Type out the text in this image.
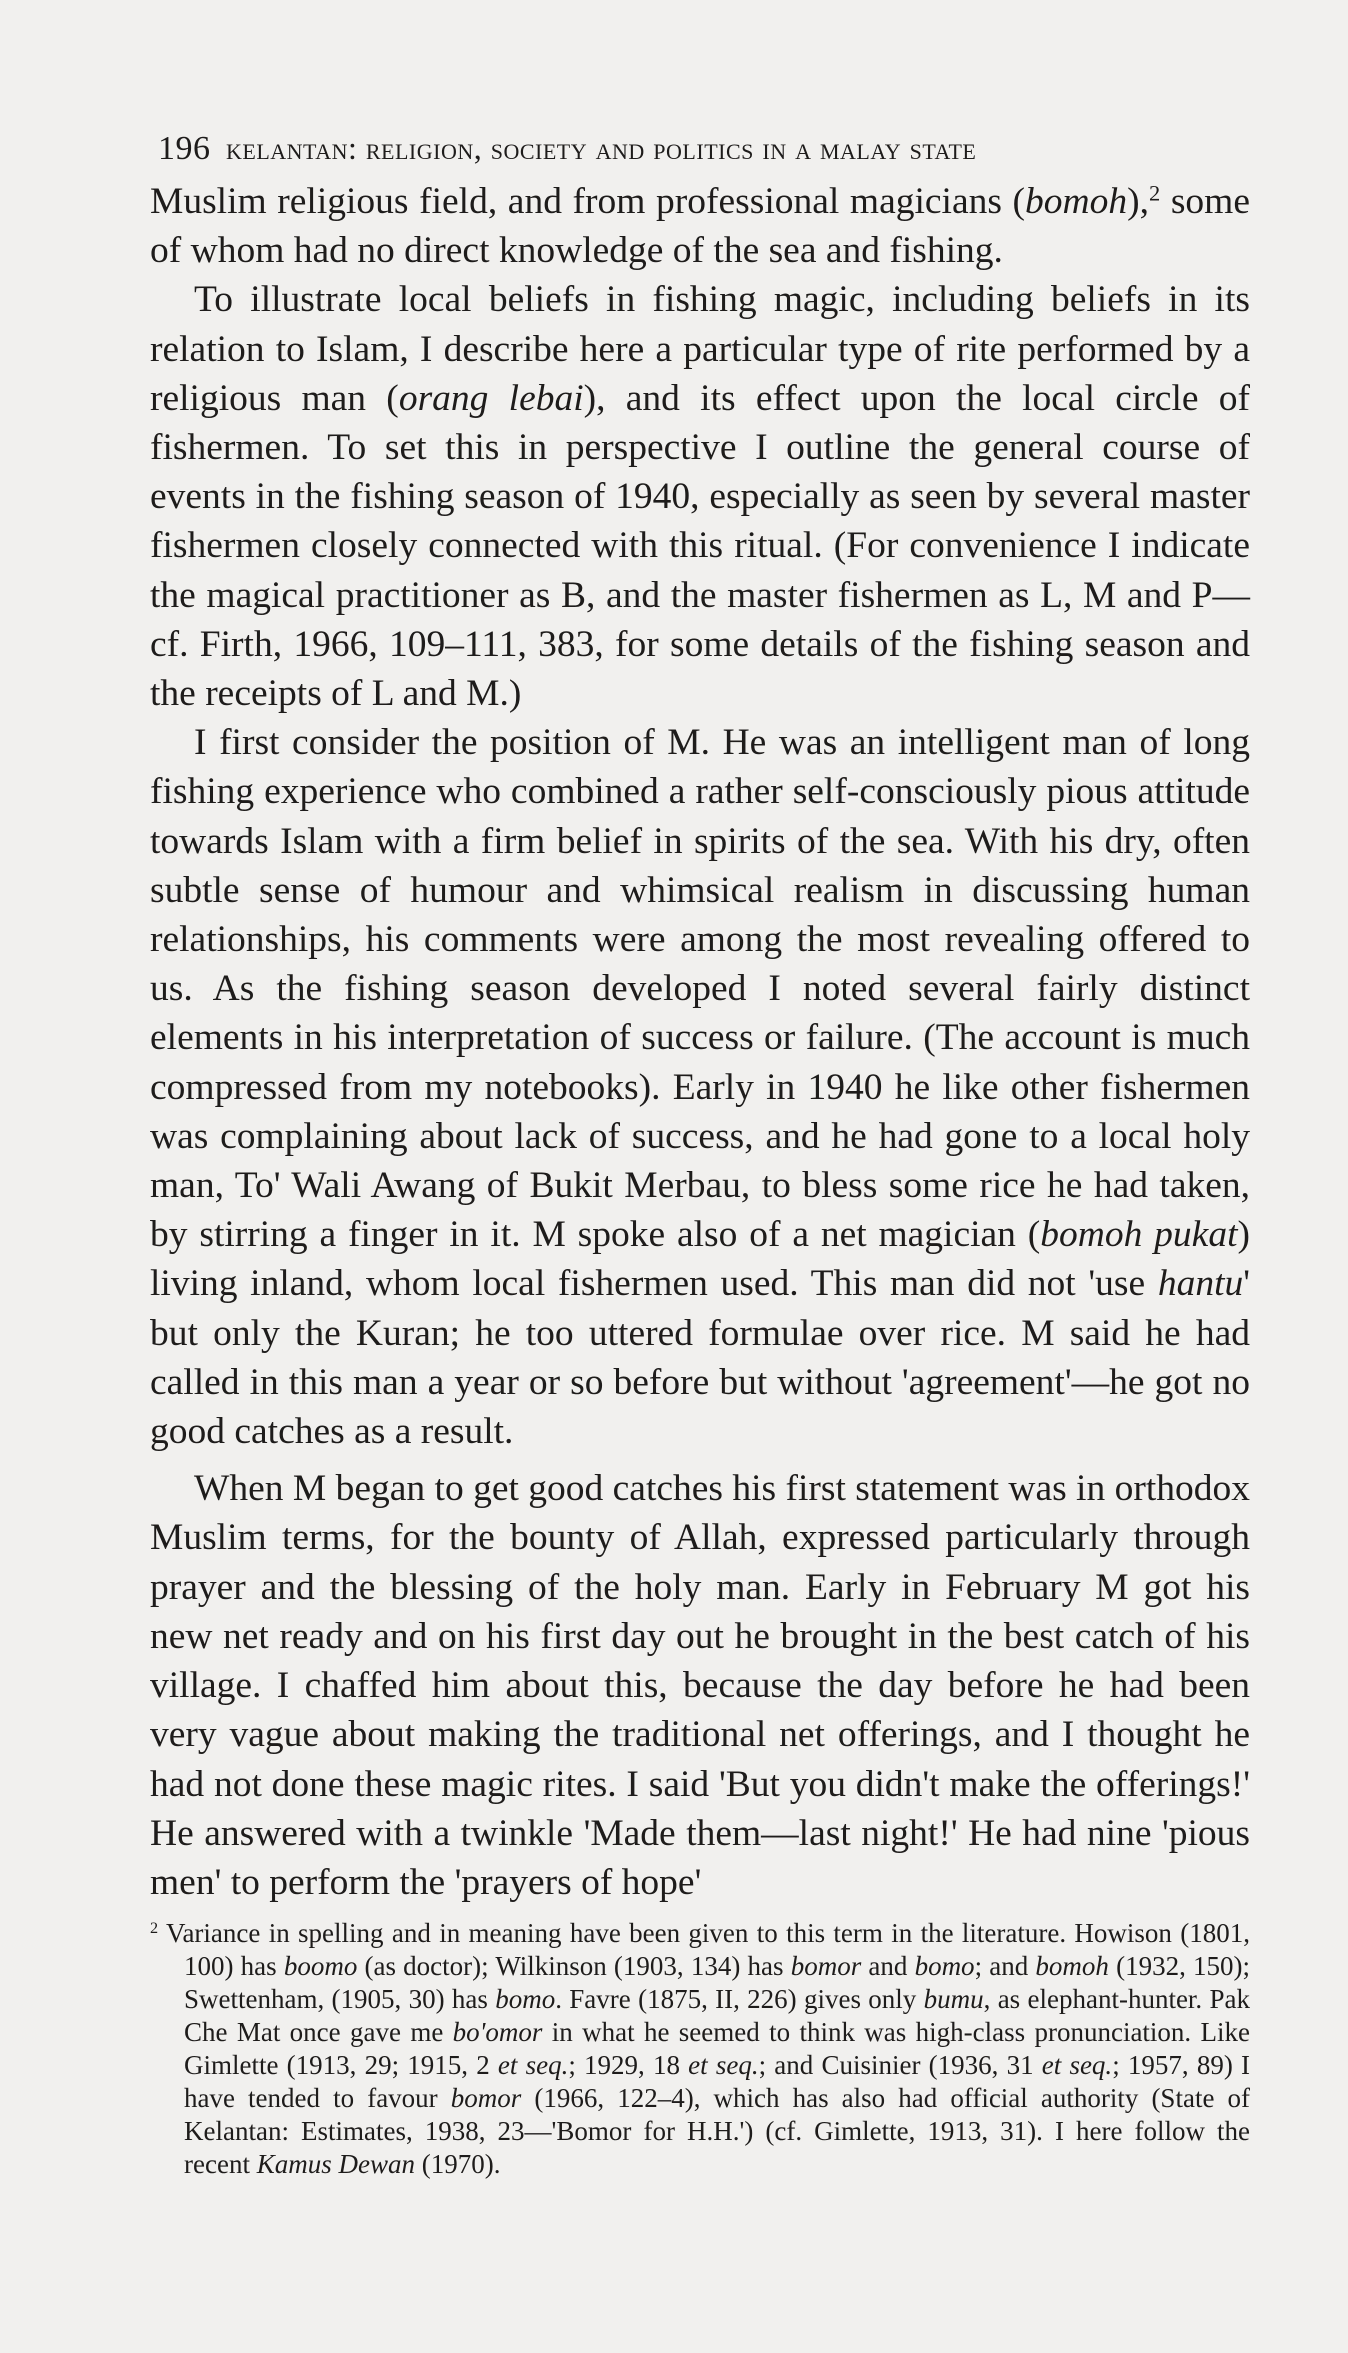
196 kelantan: religion, society and politics in a malay state

Muslim religious field, and from professional magicians (bomoh),$^2$ some of whom had no direct knowledge of the sea and fishing.

To illustrate local beliefs in fishing magic, including beliefs in its relation to Islam, I describe here a particular type of rite performed by a religious man (orang lebai), and its effect upon the local circle of fishermen. To set this in perspective I outline the general course of events in the fishing season of 1940, especially as seen by several master fishermen closely connected with this ritual. (For convenience I indicate the magical practitioner as B, and the master fishermen as L, M and P—cf. Firth, 1966, 109–111, 383, for some details of the fishing season and the receipts of L and M.)

I first consider the position of M. He was an intelligent man of long fishing experience who combined a rather self-consciously pious attitude towards Islam with a firm belief in spirits of the sea. With his dry, often subtle sense of humour and whimsical realism in discussing human relationships, his comments were among the most revealing offered to us. As the fishing season developed I noted several fairly distinct elements in his interpretation of success or failure. (The account is much compressed from my notebooks). Early in 1940 he like other fishermen was complaining about lack of success, and he had gone to a local holy man, To' Wali Awang of Bukit Merbau, to bless some rice he had taken, by stirring a finger in it. M spoke also of a net magician (bomoh pukat) living inland, whom local fishermen used. This man did not 'use hantu' but only the Kuran; he too uttered formulae over rice. M said he had called in this man a year or so before but without 'agreement'—he got no good catches as a result.

When M began to get good catches his first statement was in orthodox Muslim terms, for the bounty of Allah, expressed particularly through prayer and the blessing of the holy man. Early in February M got his new net ready and on his first day out he brought in the best catch of his village. I chaffed him about this, because the day before he had been very vague about making the traditional net offerings, and I thought he had not done these magic rites. I said 'But you didn't make the offerings!' He answered with a twinkle 'Made them—last night!' He had nine 'pious men' to perform the 'prayers of hope'

$^2$ Variance in spelling and in meaning have been given to this term in the literature. Howison (1801, 100) has boomo (as doctor); Wilkinson (1903, 134) has bomor and bomo; and bomoh (1932, 150); Swettenham, (1905, 30) has bomo. Favre (1875, II, 226) gives only bumu, as elephant-hunter. Pak Che Mat once gave me bo'omor in what he seemed to think was high-class pronunciation. Like Gimlette (1913, 29; 1915, 2 et seq.; 1929, 18 et seq.; and Cuisinier (1936, 31 et seq.; 1957, 89) I have tended to favour bomor (1966, 122–4), which has also had official authority (State of Kelantan: Estimates, 1938, 23—'Bomor for H.H.') (cf. Gimlette, 1913, 31). I here follow the recent Kamus Dewan (1970).
